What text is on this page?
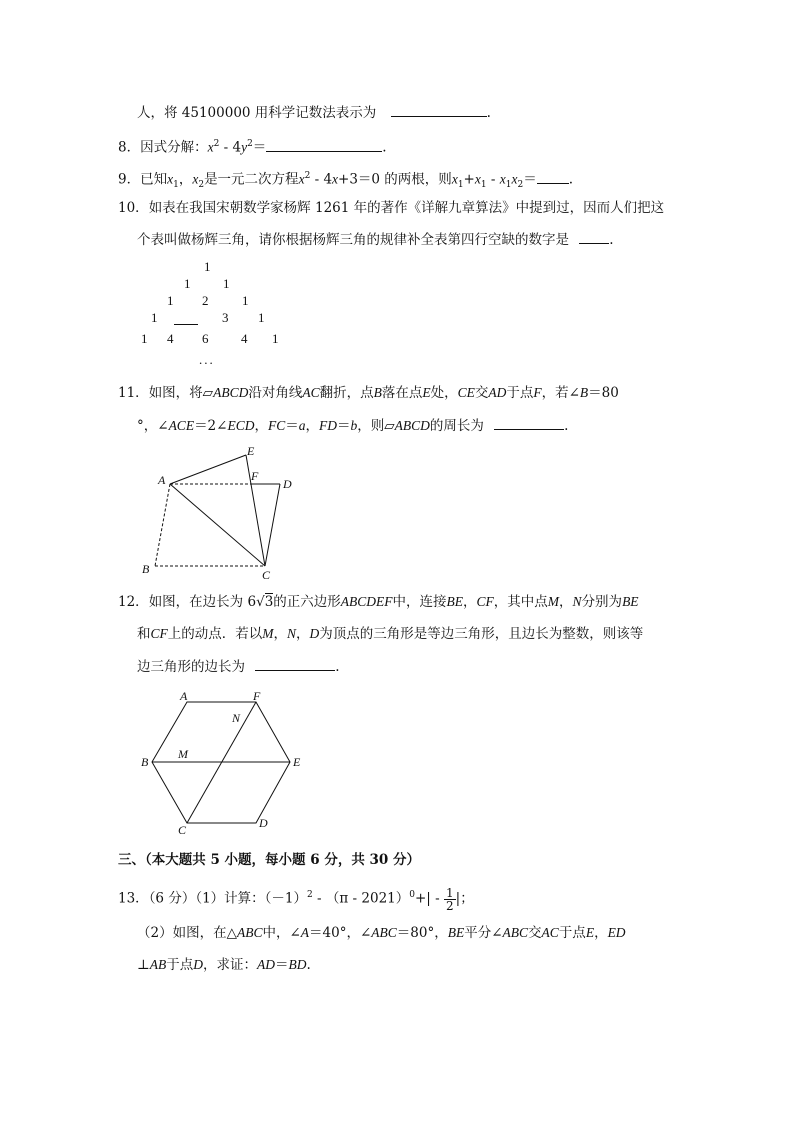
人，将 45100000 用科学记数法表示为	.
8．因式分解：$x^2 - 4y^2=$	.
9．已知$x_1$，$x_2$是一元二次方程$x^2 - 4x+3=0$ 的两根，则$x_1+x_1 - x_1x_2=$ .
10．如表在我国宋朝数学家杨辉 1261 年的著作《详解九章算法》中提到过，因而人们把这
个表叫做杨辉三角，请你根据杨辉三角的规律补全表第四行空缺的数字是	.
1
1	1
1 2	1
1	3 1
1 4 6	4 1
...
11．如图，将▱ABCD沿对角线AC翻折，点B落在点E处，CE交AD于点F，若∠B＝80
°，∠ACE＝2∠ECD，FC＝a，FD＝b，则▱ABCD的周长为	.
A
E
F
D
B	C
12．如图，在边长为 6√3的正六边形ABCDEF中，连接BE，CF，其中点M，N分别为BE
和CF上的动点．若以M，N，D为顶点的三角形是等边三角形，且边长为整数，则该等
边三角形的边长为	.
A	F
N
M
B	E
C	D
三、（本大题共 5 小题，每小题 6 分，共 30 分）
13．（6 分）（1）计算：$(-1)^2 - (\pi - 2021)^0+| - \frac{1}{2}$ |；
（2）如图，在△ABC中，∠A＝40°，∠ABC＝80°，BE平分∠ABC交AC于点E，ED
⊥AB于点D，求证：AD＝BD.
